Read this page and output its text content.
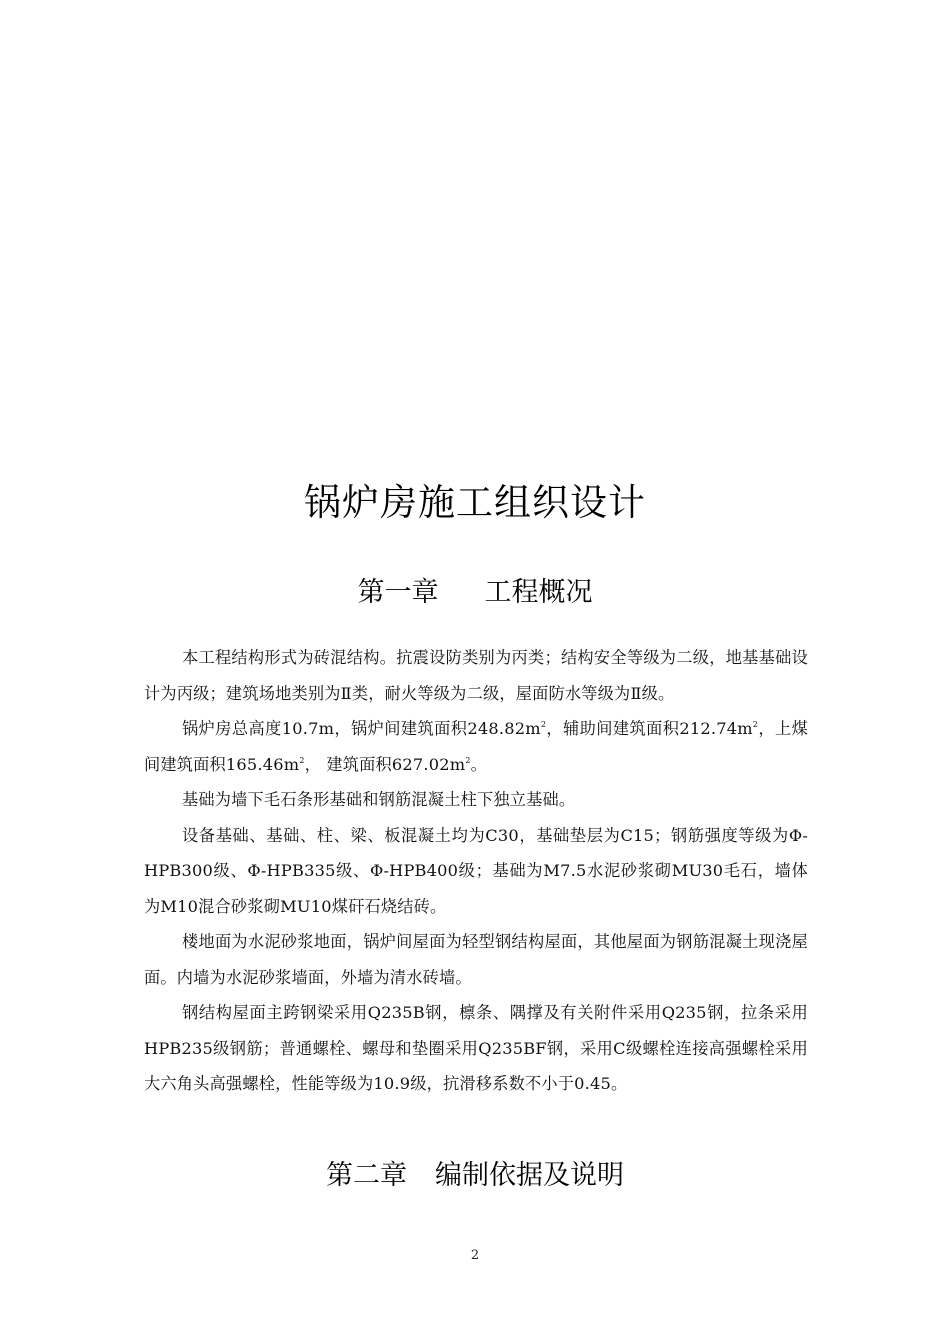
锅炉房施工组织设计
第一章 工程概况

本工程结构形式为砖混结构。抗震设防类别为丙类；结构安全等级为二级，地基基础设计为丙级；建筑场地类别为Ⅱ类，耐火等级为二级，屋面防水等级为Ⅱ级。

锅炉房总高度10.7m，锅炉间建筑面积$248.82m^2$，辅助间建筑面积$212.74m^2$，上煤间建筑面积$165.46m^2$， 建筑面积$627.02m^2$。

基础为墙下毛石条形基础和钢筋混凝土柱下独立基础。

设备基础、基础、柱、梁、板混凝土均为C30，基础垫层为C15；钢筋强度等级为Φ-HPB300级、Φ-HPB335级、Φ-HPB400级；基础为M7.5水泥砂浆砌MU30毛石，墙体为M10混合砂浆砌MU10煤矸石烧结砖。

楼地面为水泥砂浆地面，锅炉间屋面为轻型钢结构屋面，其他屋面为钢筋混凝土现浇屋面。内墙为水泥砂浆墙面，外墙为清水砖墙。

钢结构屋面主跨钢梁采用Q235B钢，檩条、隅撑及有关附件采用Q235钢，拉条采用HPB235级钢筋；普通螺栓、螺母和垫圈采用Q235BF钢，采用C级螺栓连接高强螺栓采用大六角头高强螺栓，性能等级为10.9级，抗滑移系数不小于0.45。

第二章 编制依据及说明
2
